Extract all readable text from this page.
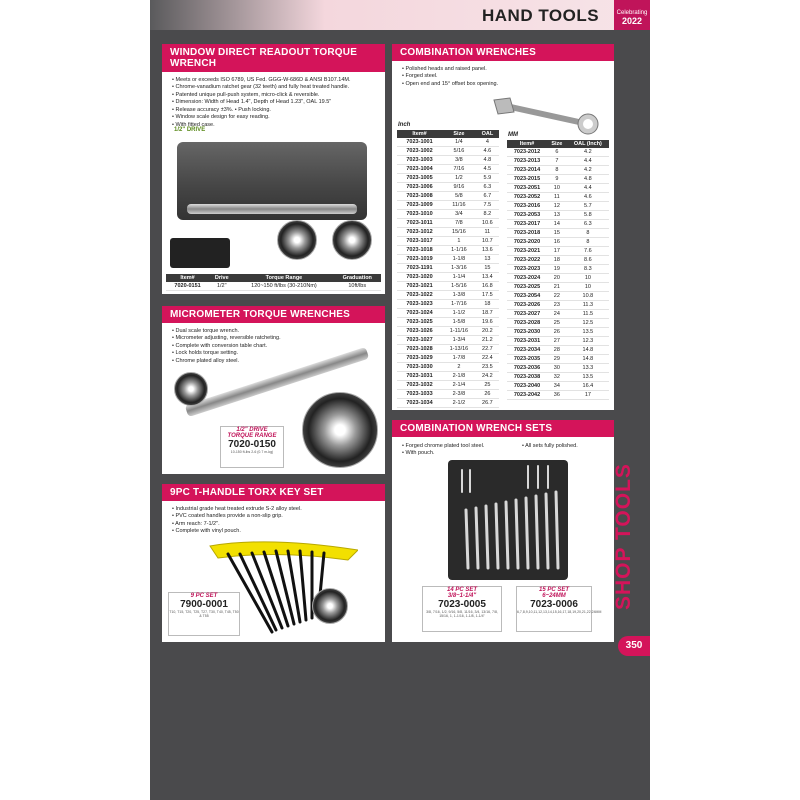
HAND TOOLS	Celebrating
2022
WINDOW DIRECT READOUT TORQUE WRENCH
• Meets or exceeds ISO 6789, US Fed. GGG-W-686D & ANSI B107.14M.
• Chrome-vanadium ratchet gear (32 teeth) and fully heat treated handle.
• Patented unique pull-push system, micro-click & reversible.
• Dimension: Width of Head 1.4", Depth of Head 1.23", OAL 19.5"
• Release accuracy ±3%. • Push locking.
• Window scale design for easy reading.
• With fitted case.
1/2" DRIVE
Item#	Drive	Torque Range	Graduation
7020-0151	1/2"	120~150 ft/lbs (30-210Nm)	10ft/lbs
MICROMETER TORQUE WRENCHES
• Dual scale torque wrench.
• Micrometer adjusting, reversible ratcheting.
• Complete with conversion table chart.
• Lock holds torque setting.
• Chrome plated alloy steel.
1/2" DRIVE
TORQUE RANGE
7020-0150
10-150 ft-lbs 2-6 (0.7 m-kg)
9PC T-HANDLE TORX KEY SET
• Industrial grade heat treated extrude S-2 alloy steel.
• PVC coated handles provide a non-slip grip.
• Arm reach: 7-1/2".
• Complete with vinyl pouch.
9 PC SET
7900-0001
T10, T15, T20, T25, T27, T30, T40, T45, T50 & T55
COMBINATION WRENCHES
• Polished heads and raised panel.
• Forged steel.
• Open end and 15° offset box opening.
Inch
MM
Item#	Size	OAL
7023-1001	1/4	4
7023-1002	5/16	4.6
7023-1003	3/8	4.8
7023-1004	7/16	4.5
7023-1005	1/2	5.9
7023-1006	9/16	6.3
7023-1008	5/8	6.7
7023-1009	11/16	7.5
7023-1010	3/4	8.2
7023-1011	7/8	10.6
7023-1012	15/16	11
7023-1017	1	10.7
7023-1018	1-1/16	13.6
7023-1019	1-1/8	13
7023-1191	1-3/16	15
7023-1020	1-1/4	13.4
7023-1021	1-5/16	16.8
7023-1022	1-3/8	17.5
7023-1023	1-7/16	18
7023-1024	1-1/2	18.7
7023-1025	1-5/8	19.6
7023-1026	1-11/16	20.2
7023-1027	1-3/4	21.2
7023-1028	1-13/16	22.7
7023-1029	1-7/8	22.4
7023-1030	2	23.5
7023-1031	2-1/8	24.2
7023-1032	2-1/4	25
7023-1033	2-3/8	26
7023-1034	2-1/2	26.7
Item#	Size	OAL (Inch)
7023-2012	6	4.2
7023-2013	7	4.4
7023-2014	8	4.2
7023-2015	9	4.8
7023-2051	10	4.4
7023-2052	11	4.6
7023-2016	12	5.7
7023-2053	13	5.8
7023-2017	14	6.3
7023-2018	15	8
7023-2020	16	8
7023-2021	17	7.6
7023-2022	18	8.6
7023-2023	19	8.3
7023-2024	20	10
7023-2025	21	10
7023-2054	22	10.8
7023-2026	23	11.3
7023-2027	24	11.5
7023-2028	25	12.5
7023-2030	26	13.5
7023-2031	27	12.3
7023-2034	28	14.8
7023-2035	29	14.8
7023-2036	30	13.3
7023-2038	32	13.5
7023-2040	34	16.4
7023-2042	36	17
COMBINATION WRENCH SETS
• Forged chrome plated tool steel.
• With pouch.
• All sets fully polished.
14 PC SET
3/8~1-1/4"
7023-0005
3/8, 7/16, 1/2, 9/16, 5/8, 11/16, 3/4, 13/16, 7/8, 15/16, 1, 1-1/16, 1-1/8, 1-1/4"
15 PC SET
6~24MM
7023-0006
6,7,8,9,10,11,12,13,14,15,16,17,18,19,20,21,22,24MM
SHOP TOOLS
350
